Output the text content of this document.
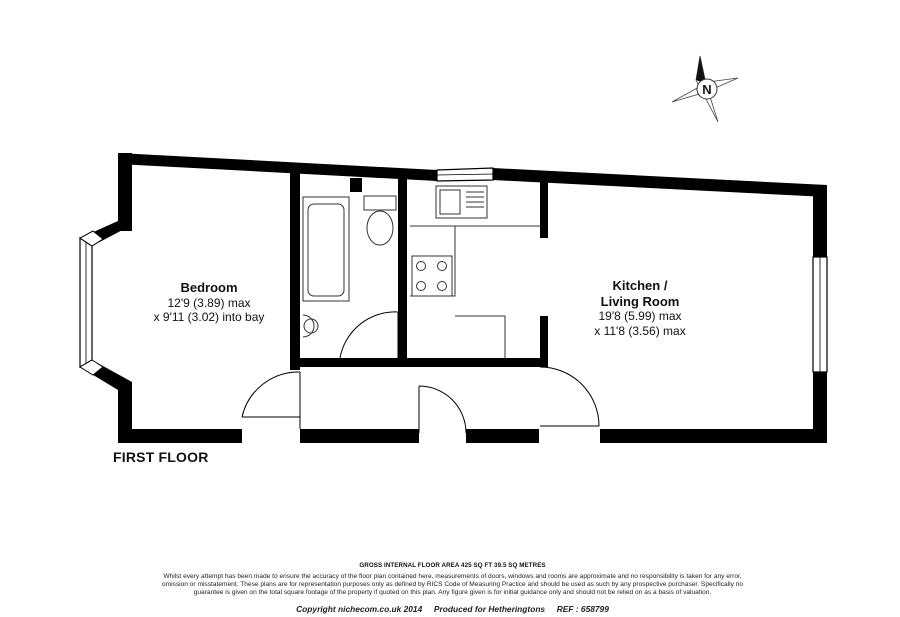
N
Bedroom
12'9 (3.89) max
x 9'11 (3.02) into bay
Kitchen /
Living Room
19'8 (5.99) max
x 11'8 (3.56) max
FIRST FLOOR
GROSS INTERNAL FLOOR AREA 425 SQ FT 39.5 SQ METRES
Whilst every attempt has been made to ensure the accuracy of the floor plan contained here, measurements of doors, windows and rooms are approximate and no responsibility is taken for any error,
omission or misstatement. These plans are for representation purposes only as defined by RICS Code of Measuring Practice and should be used as such by any prospective purchaser. Specifically no
guarantee is given on the total square footage of the property if quoted on this plan. Any figure given is for initial guidance only and should not be relied on as a basis of valuation.
Copyright nichecom.co.uk 2014     Produced for Hetheringtons     REF : 658799
